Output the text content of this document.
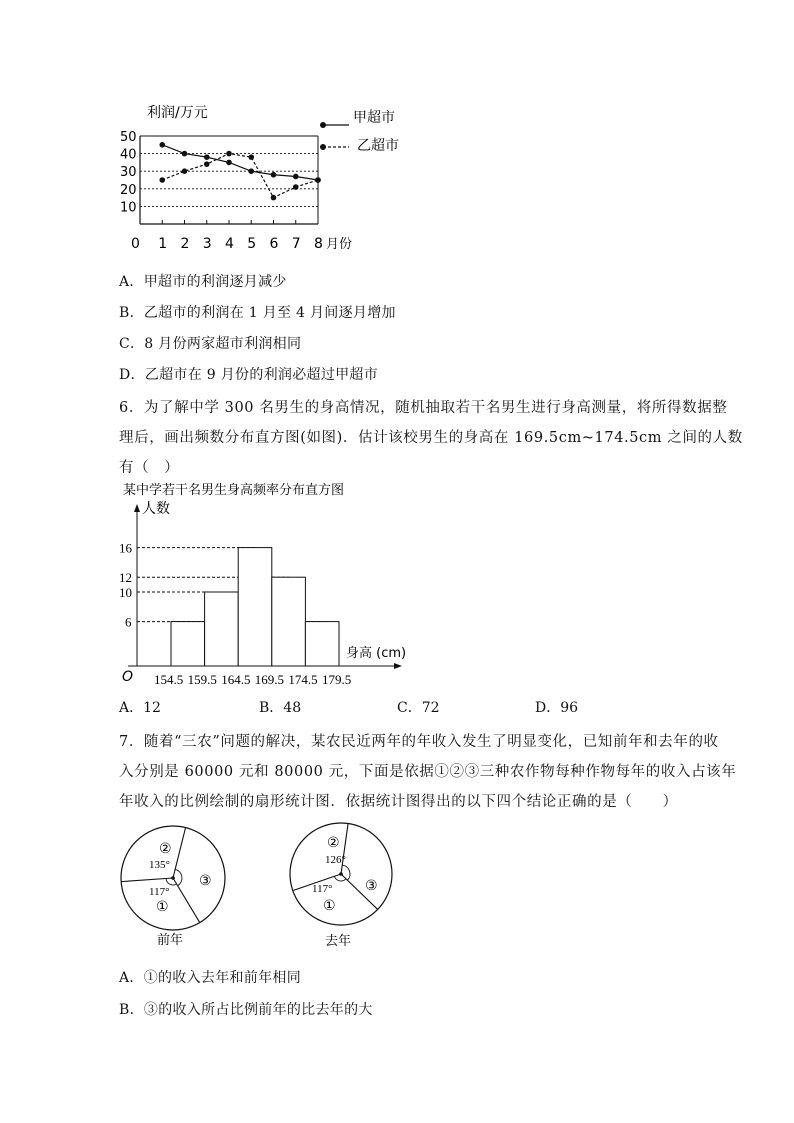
利润/万元
0	月份
10
20
30
40
50
1 2 3 4 5 6 7 8
甲超市
乙超市
A．甲超市的利润逐月减少
B．乙超市的利润在 1 月至 4 月间逐月增加
C．8 月份两家超市利润相同
D．乙超市在 9 月份的利润必超过甲超市
6．为了解中学 300 名男生的身高情况，随机抽取若干名男生进行身高测量，将所得数据整
理后，画出频数分布直方图(如图)．估计该校男生的身高在 169.5cm~174.5cm 之间的人数
有（　）
某中学若干名男生身高频率分布直方图
人数
O
身高 (cm)
6
10
12
16
154.5 159.5 164.5 169.5 174.5 179.5
A．12	B．48	C．72	D．96
7．随着“三农”问题的解决，某农民近两年的年收入发生了明显变化，已知前年和去年的收
入分别是 60000 元和 80000 元，下面是依据①②③三种农作物每种作物每年的收入占该年
年收入的比例绘制的扇形统计图．依据统计图得出的以下四个结论正确的是（　　）
②
135°
117°
①
③
前年
②
126°
117°
①
③
去年
A．①的收入去年和前年相同
B．③的收入所占比例前年的比去年的大
